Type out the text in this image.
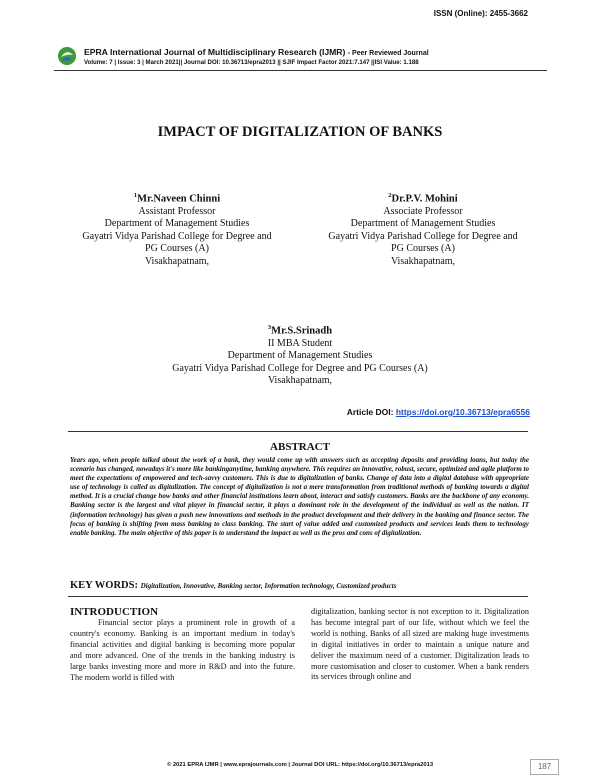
ISSN (Online): 2455-3662
EPRA International Journal of Multidisciplinary Research (IJMR) - Peer Reviewed Journal
Volume: 7 | Issue: 3 | March 2021|| Journal DOI: 10.36713/epra2013 || SJIF Impact Factor 2021:7.147 ||ISI Value: 1.188
IMPACT OF DIGITALIZATION OF BANKS
$^1$Mr.Naveen Chinni
Assistant Professor
Department of Management Studies
Gayatri Vidya Parishad College for Degree and
PG Courses (A)
Visakhapatnam,
$^2$Dr.P.V. Mohini
Associate Professor
Department of Management Studies
Gayatri Vidya Parishad College for Degree and
PG Courses (A)
Visakhapatnam,
$^3$Mr.S.Srinadh
II MBA Student
Department of Management Studies
Gayatri Vidya Parishad College for Degree and PG Courses (A)
Visakhapatnam,
Article DOI: https://doi.org/10.36713/epra6556
ABSTRACT

Years ago, when people talked about the work of a bank, they would come up with answers such as accepting deposits and providing loans, but today the scenario has changed, nowadays it's more like bankinganytime, banking anywhere. This requires an innovative, robust, secure, optimized and agile platform to meet the expectations of empowered and tech-savvy customers. This is due to digitalization of banks. Change of data into a digital database with appropriate use of technology is called as digitalization. The concept of digitalization is not a mere transformation from traditional methods of banking towards a digital method. It is a crucial change how banks and other financial institutions learn about, interact and satisfy customers. Banks are the backbone of any economy. Banking sector is the largest and vital player in financial sector, it plays a dominant role in the development of the individual as well as the nation. IT (information technology) has given a push new innovations and methods in the product development and their delivery in the banking and finance sector. The focus of banking is shifting from mass banking to class banking. The start of value added and customized products and services leads them to technology enable banking. The main objective of this paper is to understand the impact as well as the pros and cons of digitalization.

KEY WORDS: Digitalization, Innovative, Banking sector, Information technology, Customized products
INTRODUCTION

Financial sector plays a prominent role in growth of a country's economy. Banking is an important medium in today's financial activities and digital banking is becoming more popular and more advanced. One of the trends in the banking industry is large banks investing more and more in R&D and into the future. The modern world is filled with

digitalization, banking sector is not exception to it. Digitalization has become integral part of our life, without which we feel the world is nothing. Banks of all sized are making huge investments in digital initiatives in order to maintain a unique nature and deliver the maximum need of a customer. Digitalization leads to more customisation and closer to customer. When a bank renders its services through online and

© 2021 EPRA IJMR | www.eprajournals.com | Journal DOI URL: https://doi.org/10.36713/epra2013	187
